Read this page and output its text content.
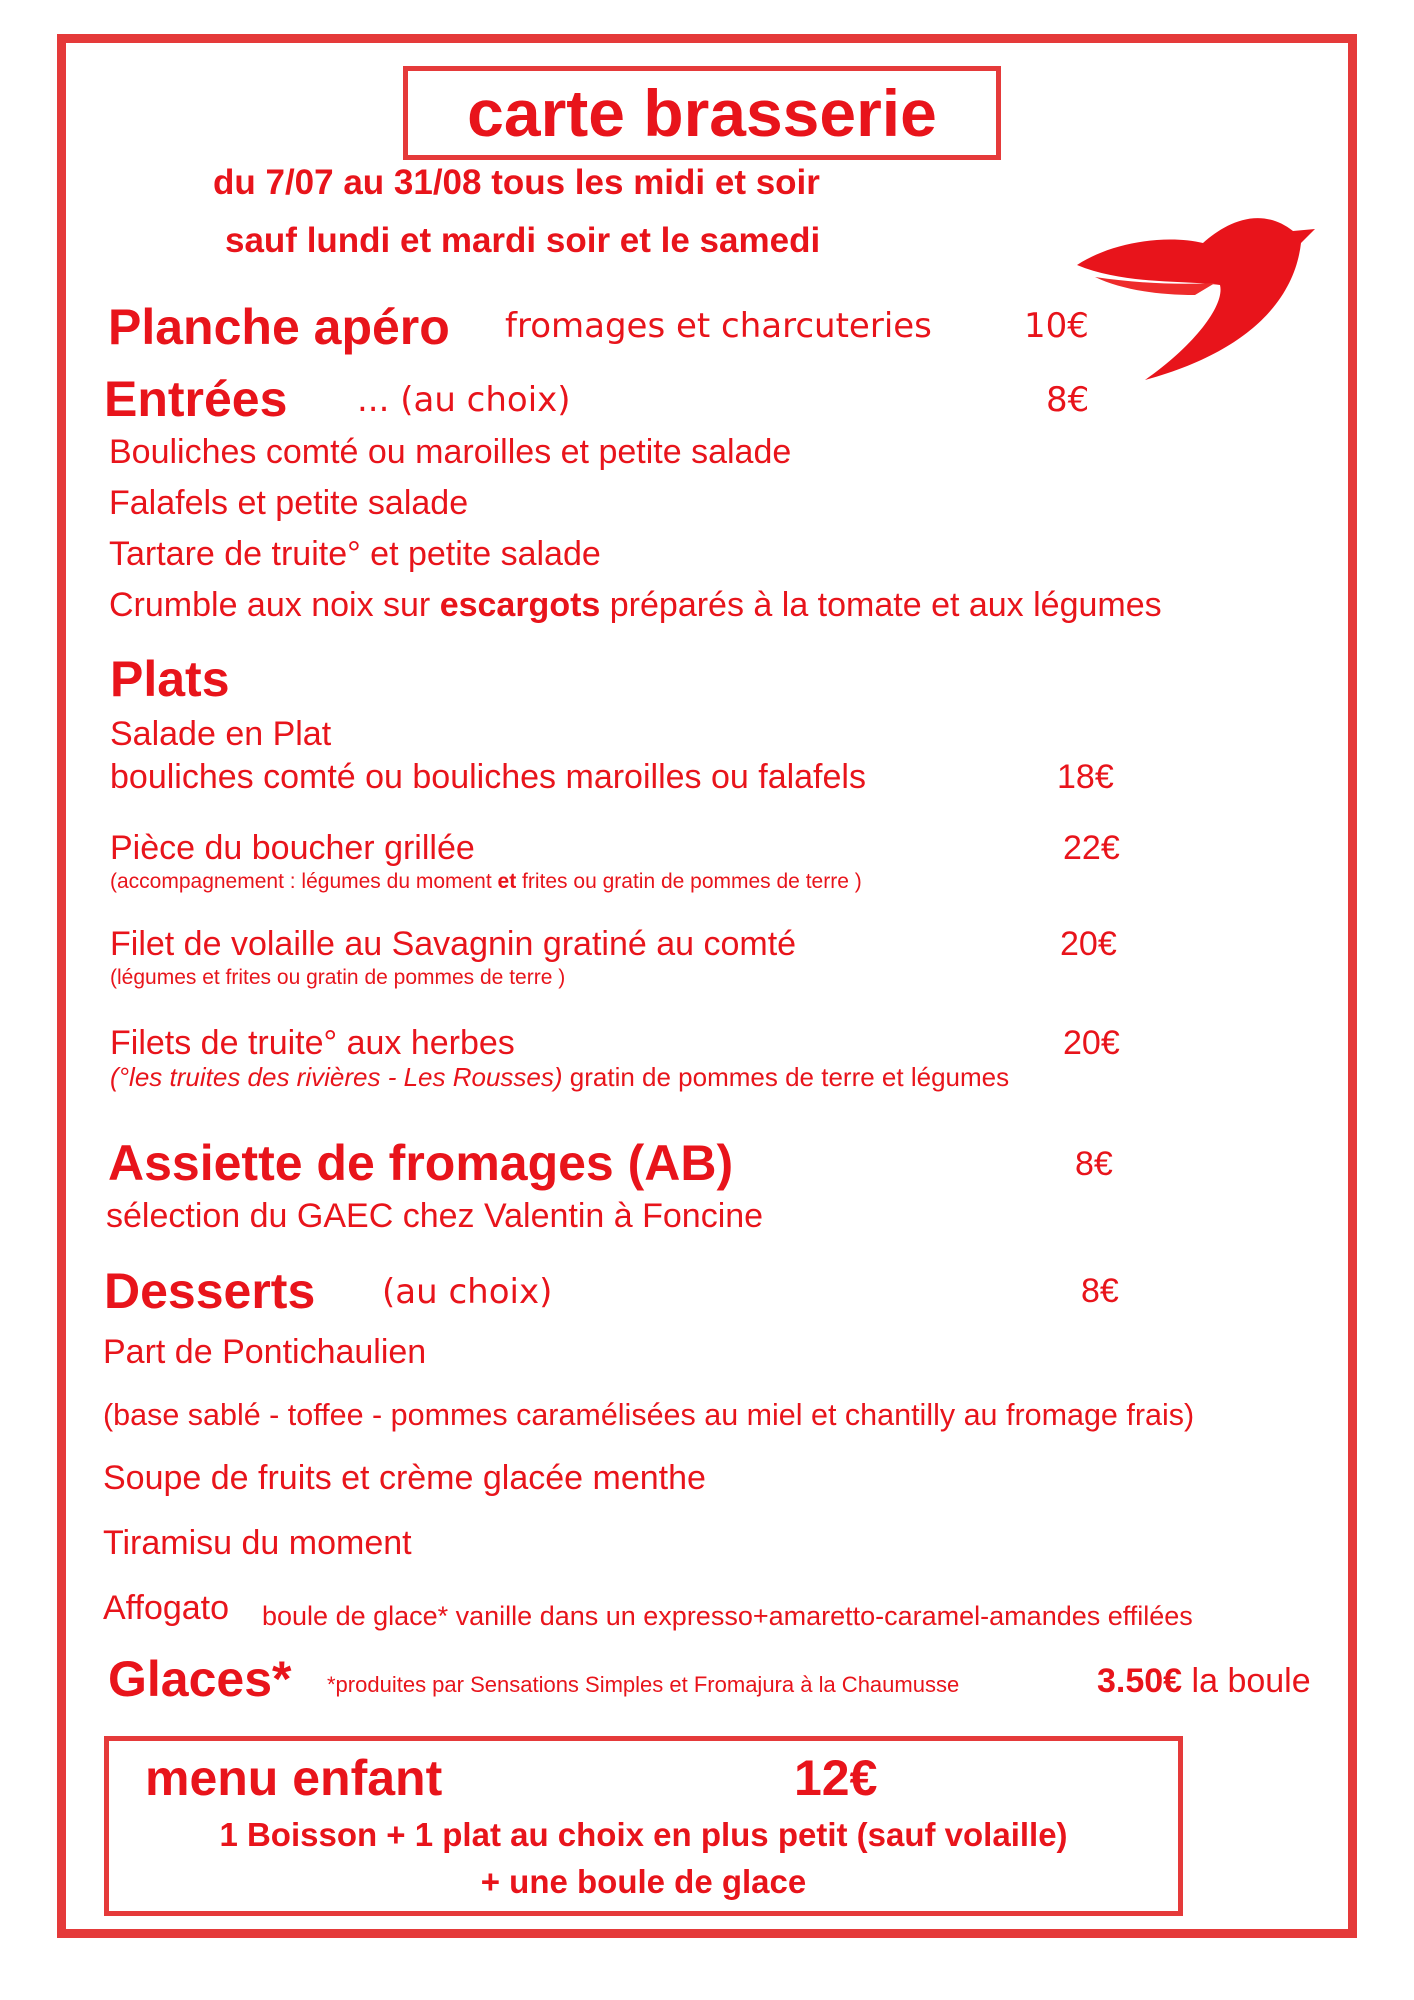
carte brasserie
du 7/07 au 31/08 tous les midi et soir
sauf lundi et mardi soir et le samedi
Planche apéro fromages et charcuteries	10€
Entrées ... (au choix)	8€
Bouliches comté ou maroilles et petite salade
Falafels et petite salade
Tartare de truite° et petite salade
Crumble aux noix sur escargots préparés à la tomate et aux légumes
Plats
Salade en Plat
bouliches comté ou bouliches maroilles ou falafels	18€
Pièce du boucher grillée	22€
(accompagnement : légumes du moment et frites ou gratin de pommes de terre )
Filet de volaille au Savagnin gratiné au comté	20€
(légumes et frites ou gratin de pommes de terre )
Filets de truite° aux herbes	20€
(°les truites des rivières - Les Rousses) gratin de pommes de terre et légumes
Assiette de fromages (AB)	8€
sélection du GAEC chez Valentin à Foncine
Desserts (au choix)	8€
Part de Pontichaulien
(base sablé - toffee - pommes caramélisées au miel et chantilly au fromage frais)
Soupe de fruits et crème glacée menthe
Tiramisu du moment
Affogato boule de glace* vanille dans un expresso+amaretto-caramel-amandes effilées
Glaces* *produites par Sensations Simples et Fromajura à la Chaumusse	3.50€ la boule
menu enfant	12€
1 Boisson + 1 plat au choix en plus petit (sauf volaille)
+ une boule de glace
